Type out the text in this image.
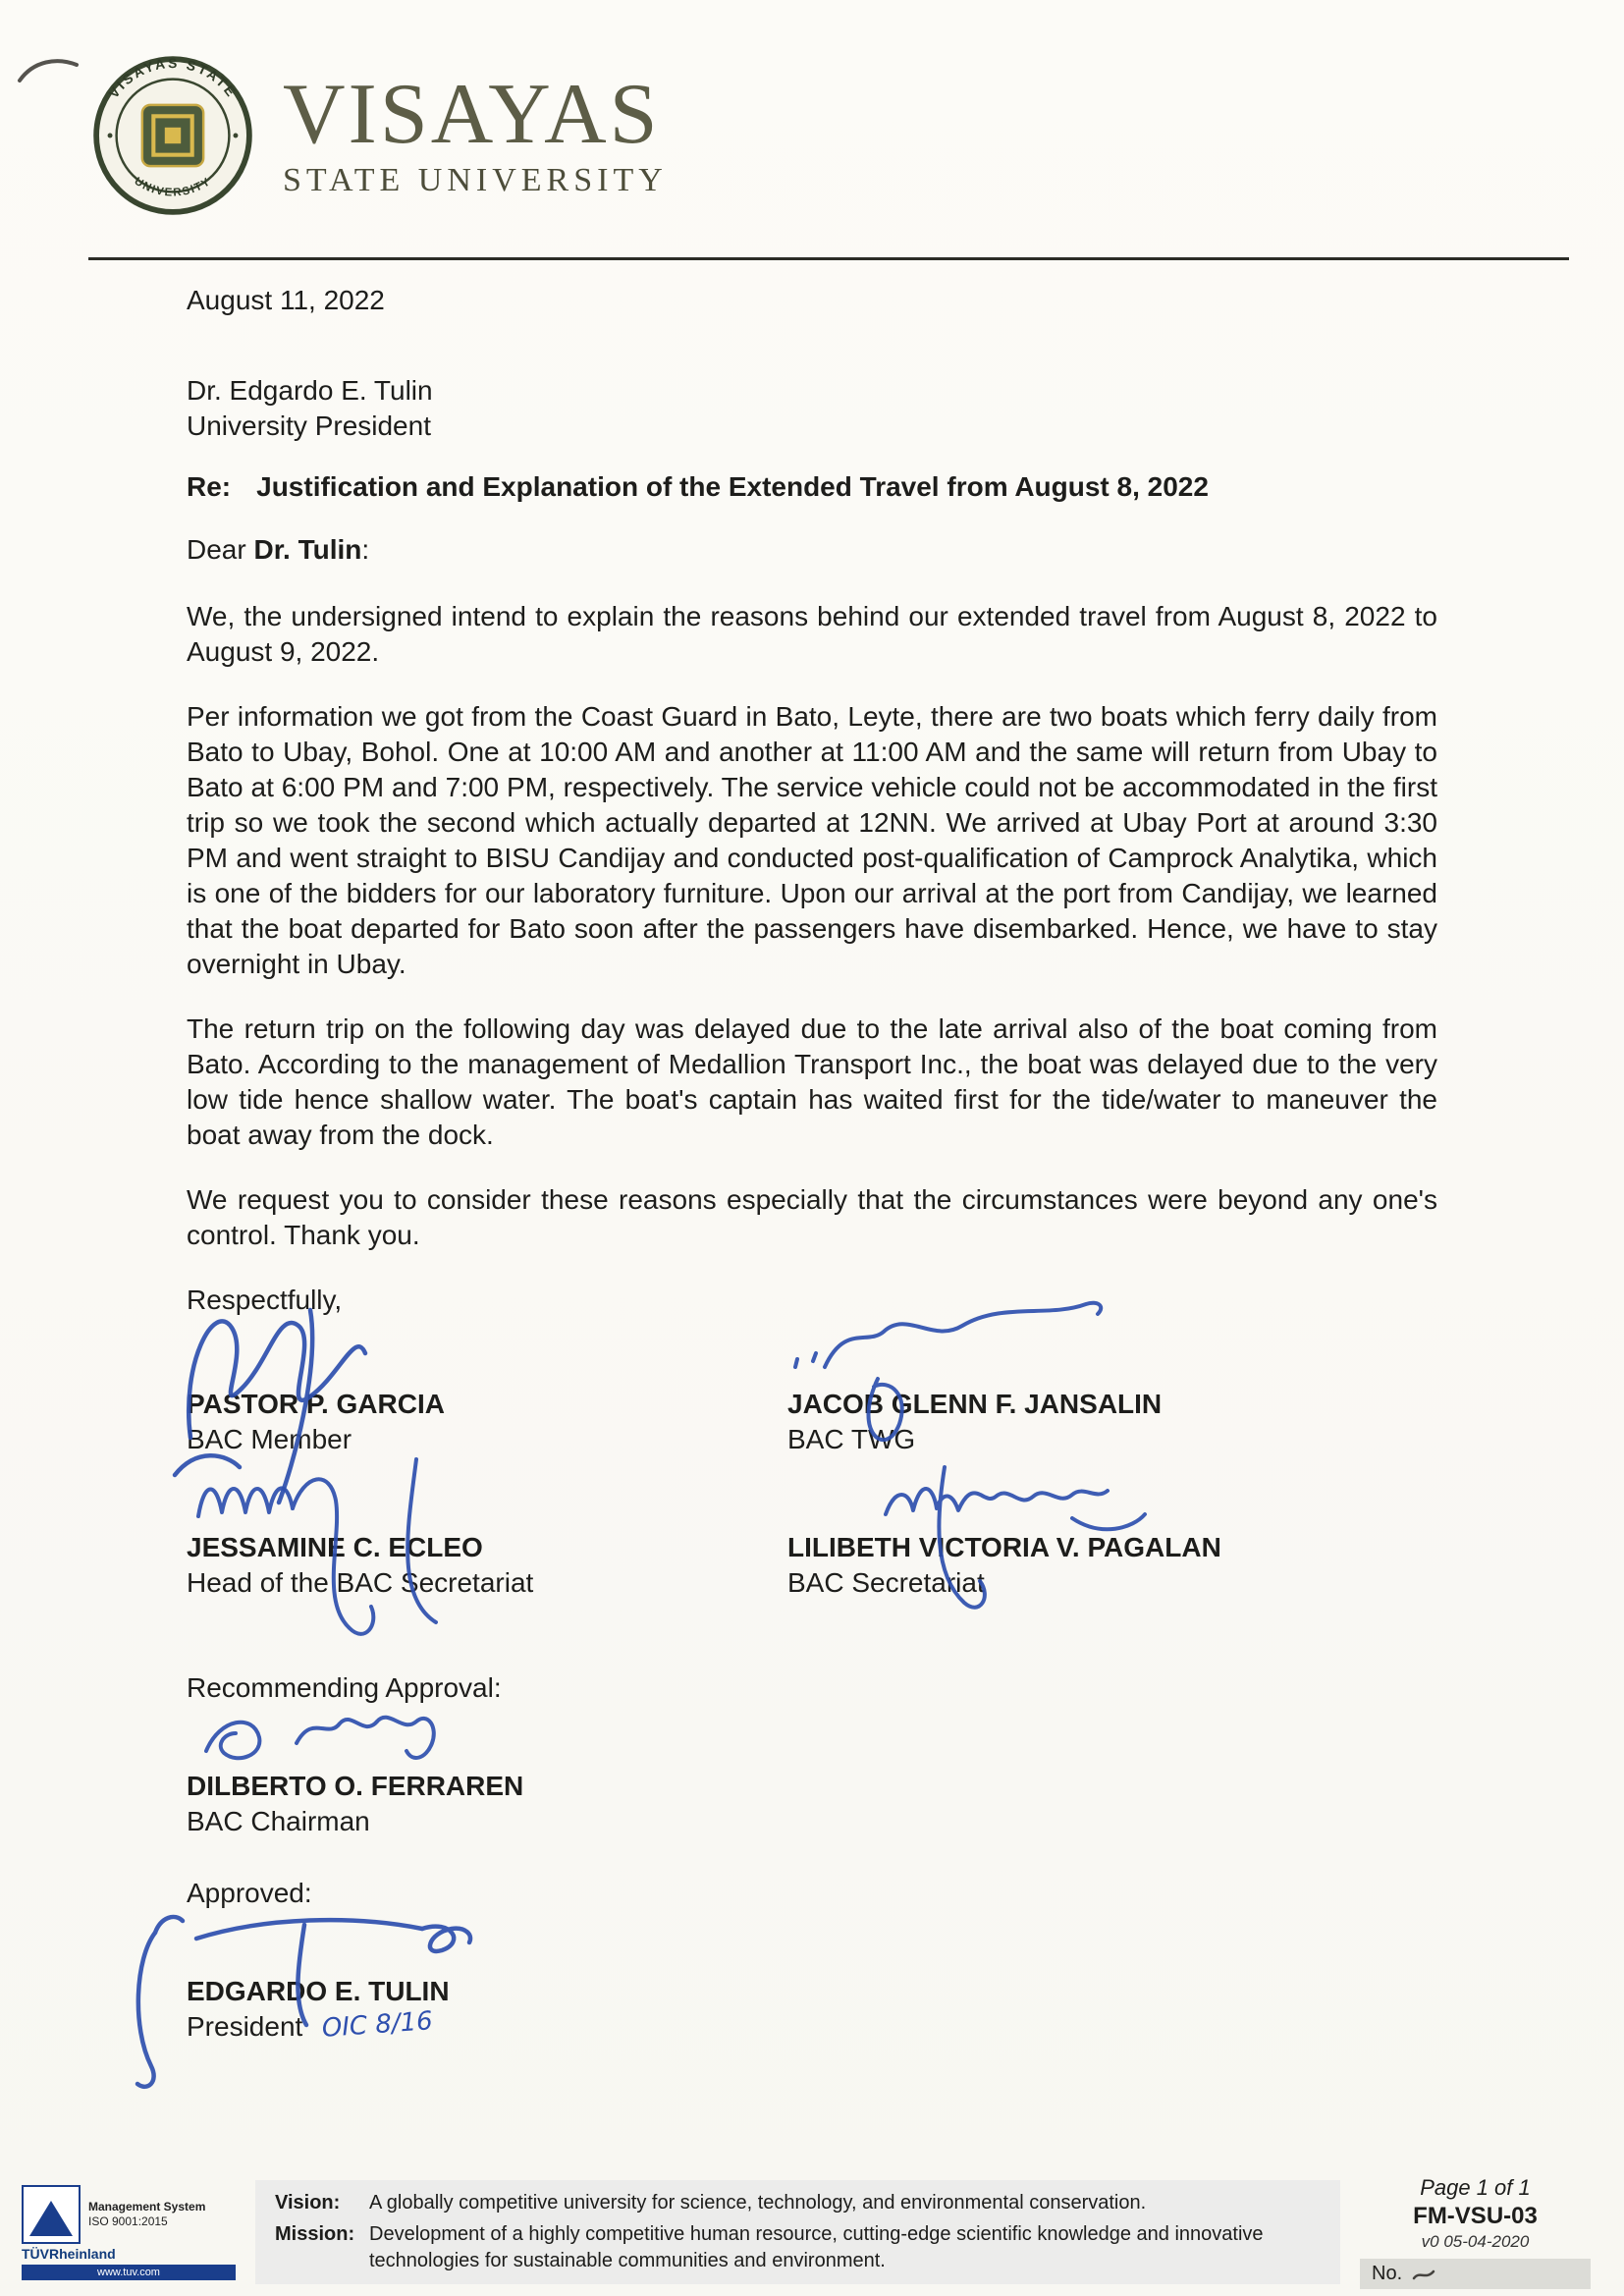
VISAYAS STATE
UNIVERSITY
VISAYAS
STATE UNIVERSITY
August 11, 2022
Dr. Edgardo E. Tulin
University President
Re: Justification and Explanation of the Extended Travel from August 8, 2022
Dear Dr. Tulin:

We, the undersigned intend to explain the reasons behind our extended travel from August 8, 2022 to August 9, 2022.

Per information we got from the Coast Guard in Bato, Leyte, there are two boats which ferry daily from Bato to Ubay, Bohol. One at 10:00 AM and another at 11:00 AM and the same will return from Ubay to Bato at 6:00 PM and 7:00 PM, respectively. The service vehicle could not be accommodated in the first trip so we took the second which actually departed at 12NN. We arrived at Ubay Port at around 3:30 PM and went straight to BISU Candijay and conducted post-qualification of Camprock Analytika, which is one of the bidders for our laboratory furniture. Upon our arrival at the port from Candijay, we learned that the boat departed for Bato soon after the passengers have disembarked. Hence, we have to stay overnight in Ubay.

The return trip on the following day was delayed due to the late arrival also of the boat coming from Bato. According to the management of Medallion Transport Inc., the boat was delayed due to the very low tide hence shallow water. The boat's captain has waited first for the tide/water to maneuver the boat away from the dock.

We request you to consider these reasons especially that the circumstances were beyond any one's control. Thank you.

Respectfully,
PASTOR P. GARCIA
BAC Member
JACOB GLENN F. JANSALIN
BAC TWG
JESSAMINE C. ECLEO
Head of the BAC Secretariat
LILIBETH VICTORIA V. PAGALAN
BAC Secretariat
Recommending Approval:
DILBERTO O. FERRAREN
BAC Chairman
Approved:
EDGARDO E. TULIN
President OIC 8/16
Management System
ISO 9001:2015
TÜVRheinland
www.tuv.com
Vision:	A globally competitive university for science, technology, and environmental conservation.
Mission: Development of a highly competitive human resource, cutting-edge scientific knowledge and innovative technologies for sustainable communities and environment.
Page 1 of 1
FM-VSU-03
v0 05-04-2020
No.
